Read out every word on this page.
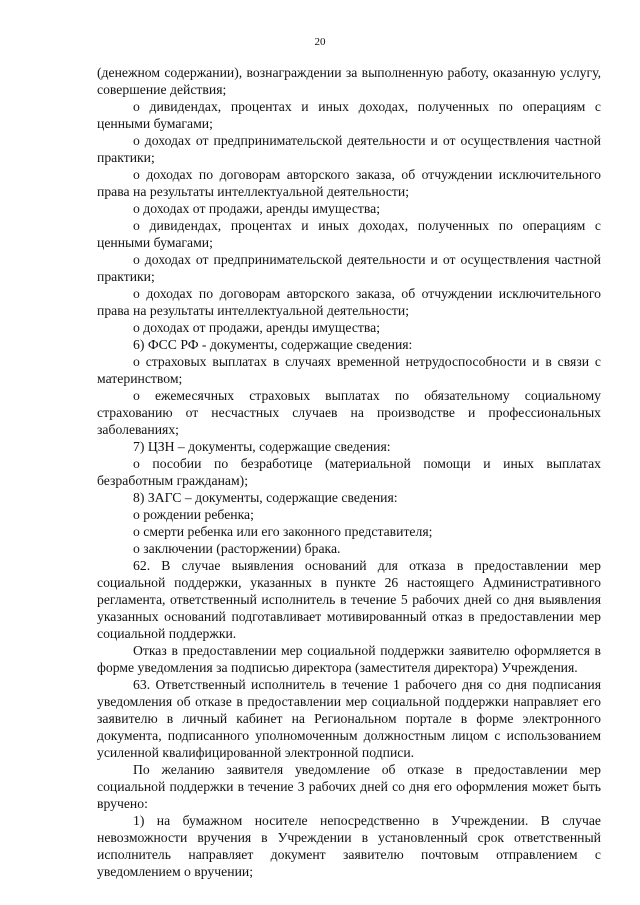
20

(денежном содержании), вознаграждении за выполненную работу, оказанную услугу, совершение действия;

о дивидендах, процентах и иных доходах, полученных по операциям с ценными бумагами;

о доходах от предпринимательской деятельности и от осуществления частной практики;

о доходах по договорам авторского заказа, об отчуждении исключительного права на результаты интеллектуальной деятельности;

о доходах от продажи, аренды имущества;

о дивидендах, процентах и иных доходах, полученных по операциям с ценными бумагами;

о доходах от предпринимательской деятельности и от осуществления частной практики;

о доходах по договорам авторского заказа, об отчуждении исключительного права на результаты интеллектуальной деятельности;

о доходах от продажи, аренды имущества;

6) ФСС РФ - документы, содержащие сведения:

о страховых выплатах в случаях временной нетрудоспособности и в связи с материнством;

о ежемесячных страховых выплатах по обязательному социальному страхованию от несчастных случаев на производстве и профессиональных заболеваниях;

7) ЦЗН – документы, содержащие сведения:

о пособии по безработице (материальной помощи и иных выплатах безработным гражданам);

8) ЗАГС – документы, содержащие сведения:

о рождении ребенка;

о смерти ребенка или его законного представителя;

о заключении (расторжении) брака.

62. В случае выявления оснований для отказа в предоставлении мер социальной поддержки, указанных в пункте 26 настоящего Административного регламента, ответственный исполнитель в течение 5 рабочих дней со дня выявления указанных оснований подготавливает мотивированный отказ в предоставлении мер социальной поддержки.

Отказ в предоставлении мер социальной поддержки заявителю оформляется в форме уведомления за подписью директора (заместителя директора) Учреждения.

63. Ответственный исполнитель в течение 1 рабочего дня со дня подписания уведомления об отказе в предоставлении мер социальной поддержки направляет его заявителю в личный кабинет на Региональном портале в форме электронного документа, подписанного уполномоченным должностным лицом с использованием усиленной квалифицированной электронной подписи.

По желанию заявителя уведомление об отказе в предоставлении мер социальной поддержки в течение 3 рабочих дней со дня его оформления может быть вручено:

1) на бумажном носителе непосредственно в Учреждении. В случае невозможности вручения в Учреждении в установленный срок ответственный исполнитель направляет документ заявителю почтовым отправлением с уведомлением о вручении;
